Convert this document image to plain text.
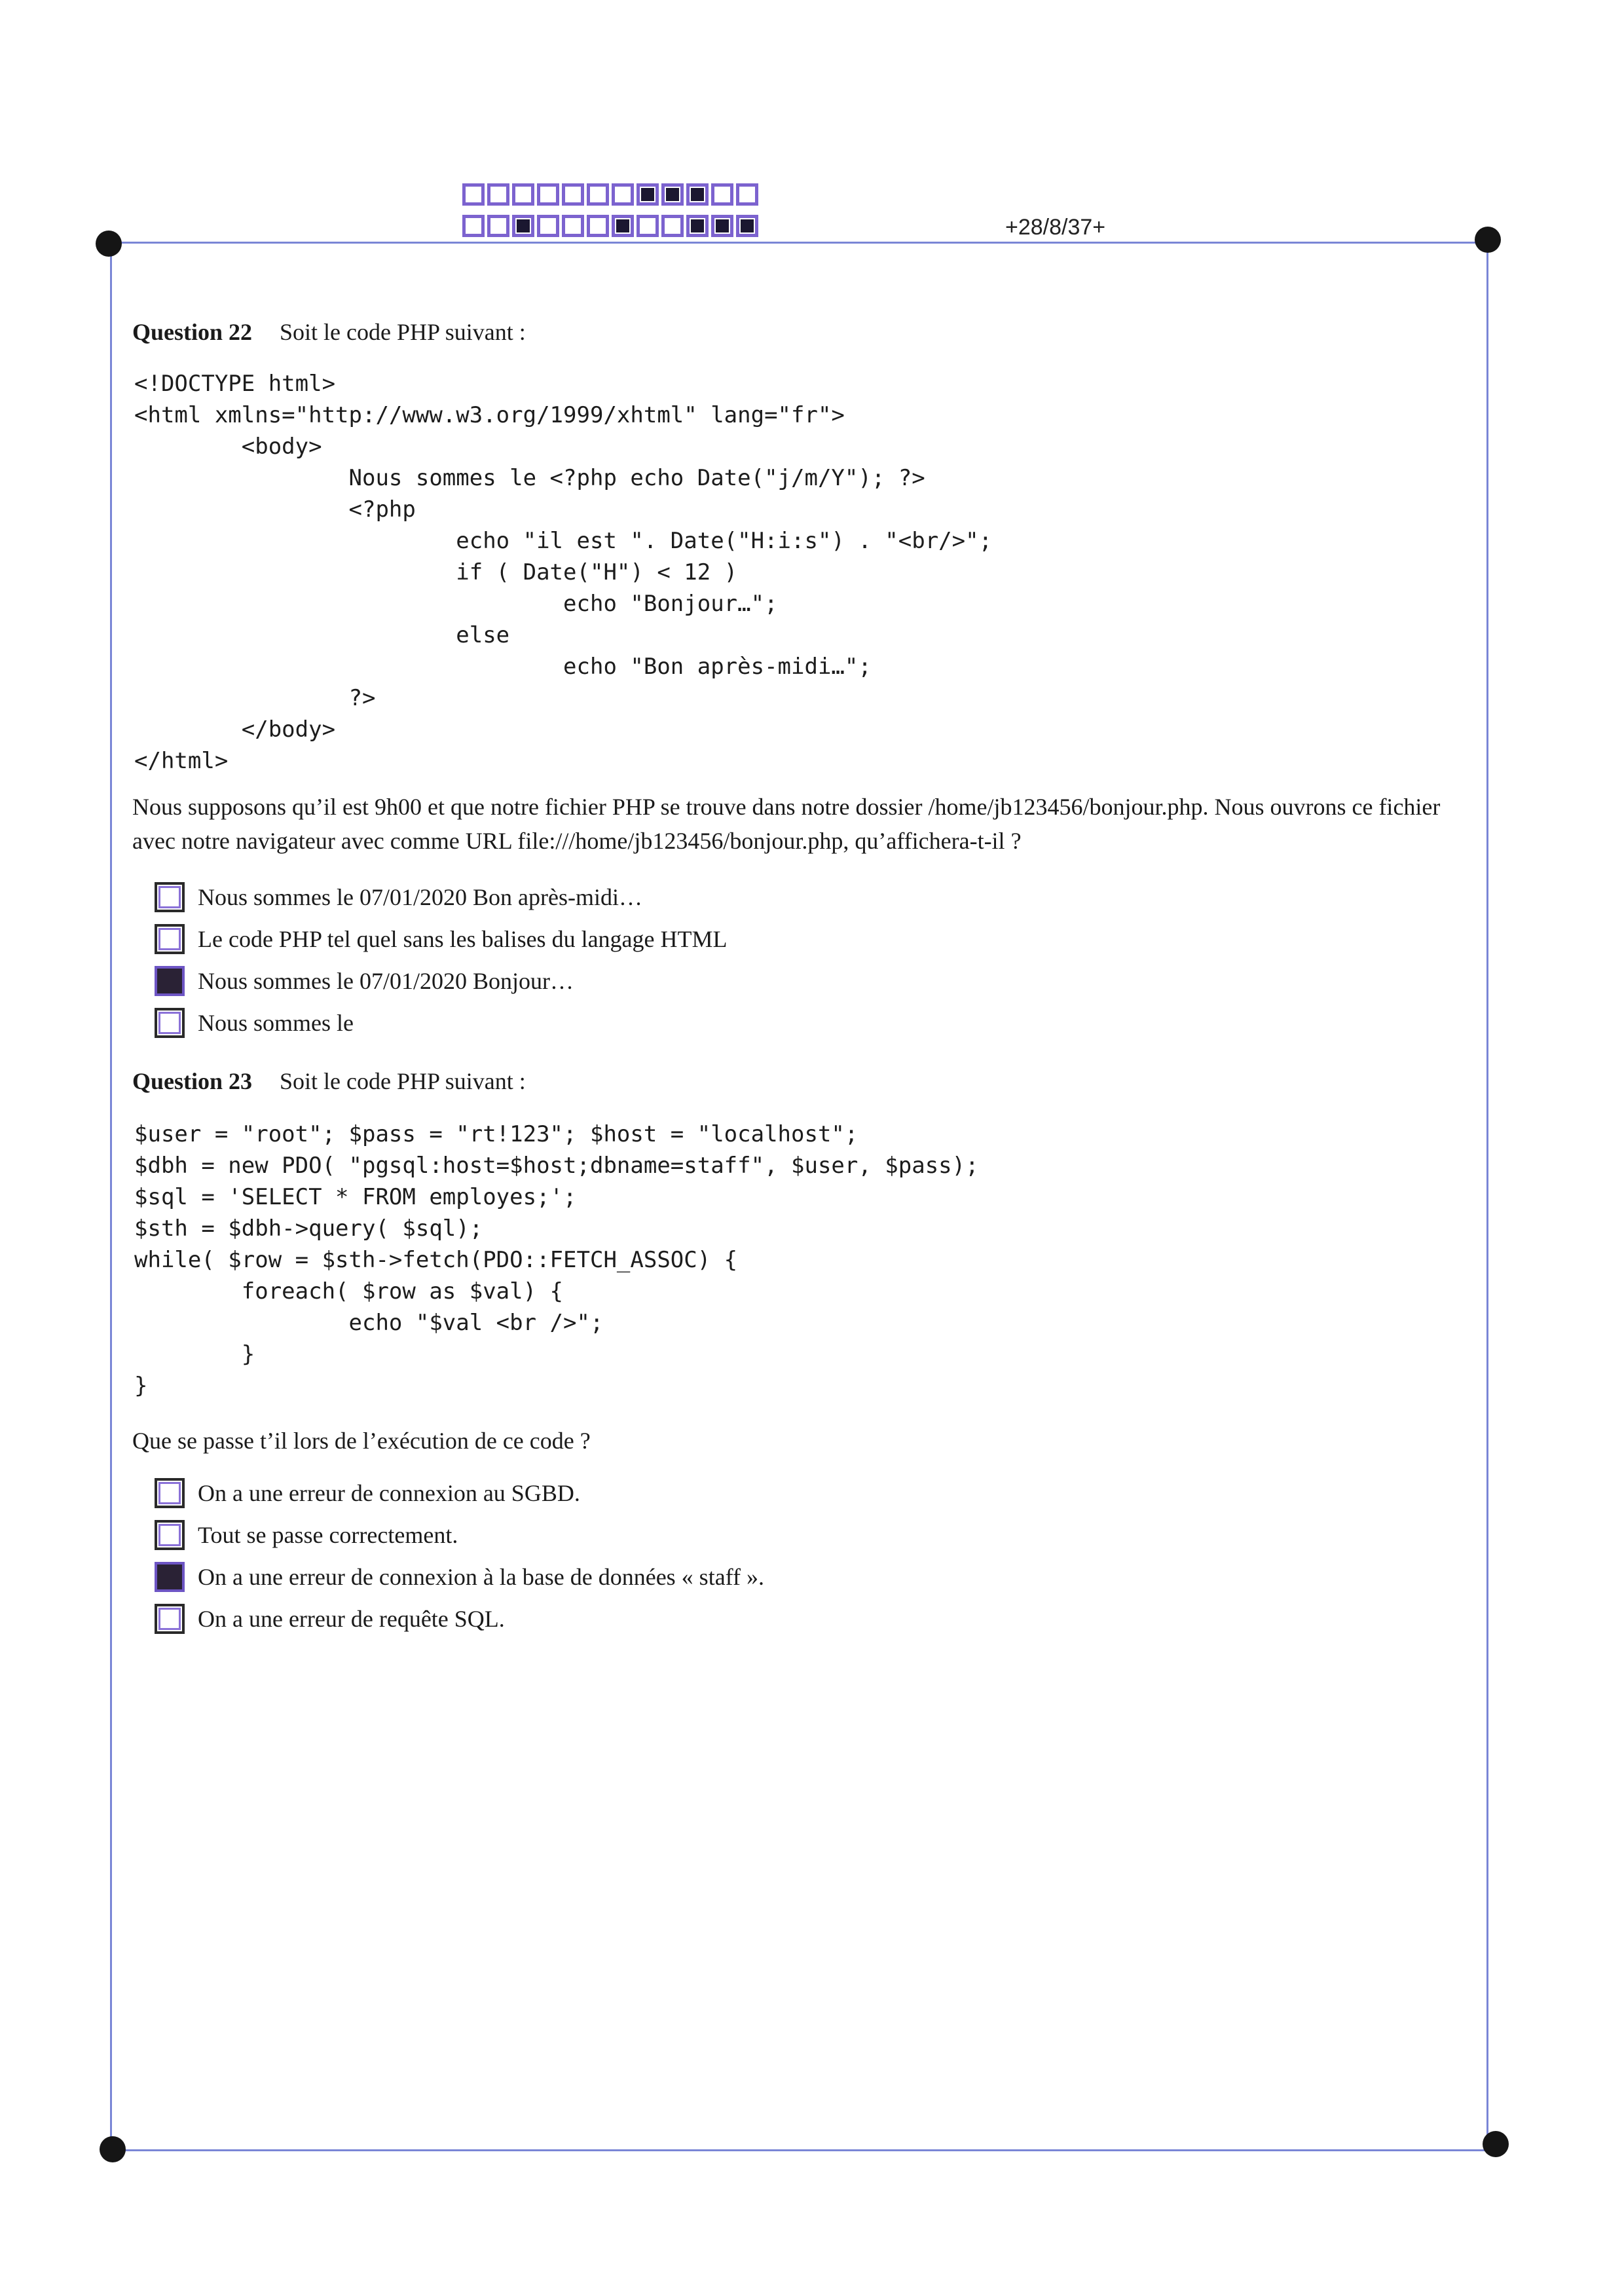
+28/8/37+
Question 22 Soit le code PHP suivant :
<!DOCTYPE html>
<html xmlns="http://www.w3.org/1999/xhtml" lang="fr">
<body>
Nous sommes le <?php echo Date("j/m/Y"); ?>
<?php
echo "il est ". Date("H:i:s") . "<br/>";
if ( Date("H") < 12 )
echo "Bonjour…";
else
echo "Bon après-midi…";
?>
</body>
</html>
Nous supposons qu’il est 9h00 et que notre fichier PHP se trouve dans notre dossier /home/jb123456/bonjour.php. Nous ouvrons ce fichier avec notre navigateur avec comme URL file:///home/jb123456/bonjour.php, qu’affichera-t-il ?
Nous sommes le 07/01/2020 Bon après-midi…
Le code PHP tel quel sans les balises du langage HTML
Nous sommes le 07/01/2020 Bonjour…
Nous sommes le
Question 23 Soit le code PHP suivant :
$user = "root"; $pass = "rt!123"; $host = "localhost";
$dbh = new PDO( "pgsql:host=$host;dbname=staff", $user, $pass);
$sql = 'SELECT * FROM employes;';
$sth = $dbh->query( $sql);
while( $row = $sth->fetch(PDO::FETCH_ASSOC) {
foreach( $row as $val) {
echo "$val <br />";
}
}
Que se passe t’il lors de l’exécution de ce code ?
On a une erreur de connexion au SGBD.
Tout se passe correctement.
On a une erreur de connexion à la base de données « staff ».
On a une erreur de requête SQL.
